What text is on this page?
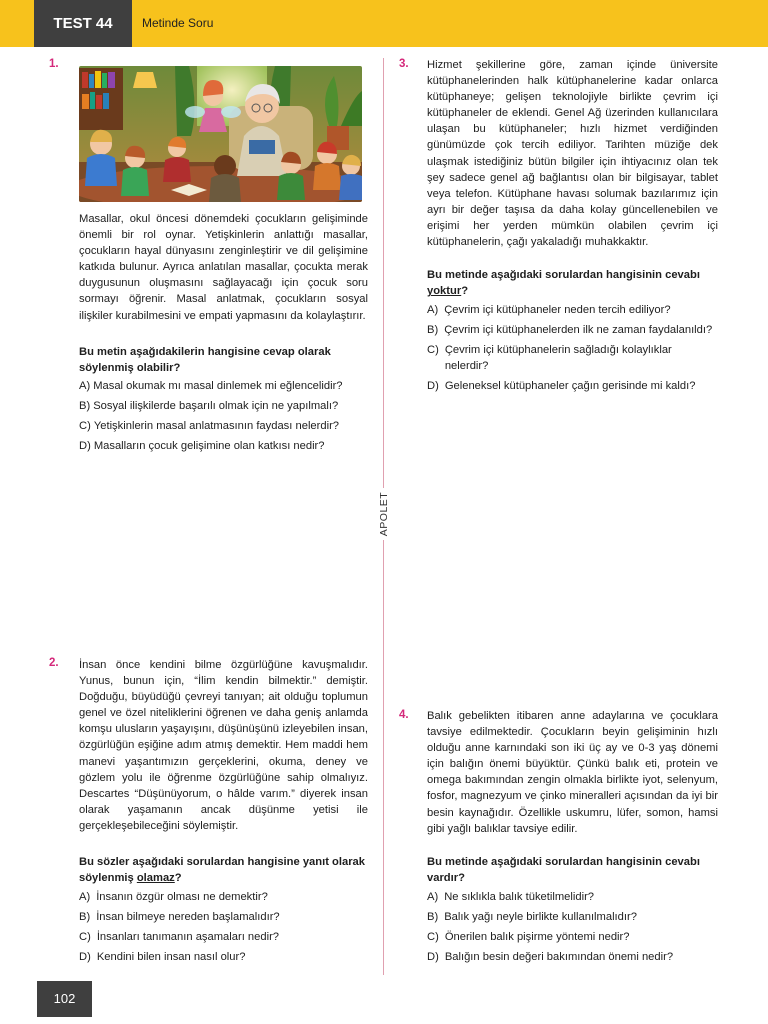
TEST 44	Metinde Soru
APOLET
1.
Masallar, okul öncesi dönemdeki çocukların gelişiminde önemli bir rol oynar. Yetişkinlerin anlattığı masallar, çocukların hayal dünyasını zenginleştirir ve dil gelişimine katkıda bulunur. Ayrıca anlatılan masallar, çocukta merak duygusunun oluşmasını sağlayacağı için çocuk soru sormayı öğrenir. Masal anlatmak, çocukların sosyal ilişkiler kurabilmesini ve empati yapmasını da kolaylaştırır.
Bu metin aşağıdakilerin hangisine cevap olarak söylenmiş olabilir?
A) Masal okumak mı masal dinlemek mi eğlencelidir?
B) Sosyal ilişkilerde başarılı olmak için ne yapılmalı?
C) Yetişkinlerin masal anlatmasının faydası nelerdir?
D) Masalların çocuk gelişimine olan katkısı nedir?
2. İnsan önce kendini bilme özgürlüğüne kavuşmalıdır. Yunus, bunun için, “İlim kendin bilmektir.” demiştir. Doğduğu, büyüdüğü çevreyi tanıyan; ait olduğu toplumun genel ve özel niteliklerini öğrenen ve daha geniş anlamda komşu ulusların yaşayışını, düşünüşünü izleyebilen insan, özgürlüğün eşiğine adım atmış demektir. Hem maddi hem manevi yaşantımızın gerçeklerini, okuma, deney ve gözlem yolu ile öğrenme özgürlüğüne sahip olmalıyız. Descartes “Düşünüyorum, o hâlde varım.” diyerek insan olarak yaşamanın ancak düşünme yetisi ile gerçekleşebileceğini söylemiştir.
Bu sözler aşağıdaki sorulardan hangisine yanıt olarak söylenmiş olamaz?
A) İnsanın özgür olması ne demektir?
B) İnsan bilmeye nereden başlamalıdır?
C) İnsanları tanımanın aşamaları nedir?
D) Kendini bilen insan nasıl olur?
3. Hizmet şekillerine göre, zaman içinde üniversite kütüphanelerinden halk kütüphanelerine kadar onlarca kütüphaneye; gelişen teknolojiyle birlikte çevrim içi kütüphaneler de eklendi. Genel Ağ üzerinden kullanıcılara ulaşan bu kütüphaneler; hızlı hizmet verdiğinden günümüzde çok tercih ediliyor. Tarihten müziğe dek ulaşmak istediğiniz bütün bilgiler için ihtiyacınız olan tek şey sadece genel ağ bağlantısı olan bir bilgisayar, tablet veya telefon. Kütüphane havası solumak bazılarımız için ayrı bir değer taşısa da daha kolay güncellenebilen ve erişimi her yerden mümkün olabilen çevrim içi kütüphanelerin, çağı yakaladığı muhakkaktır.
Bu metinde aşağıdaki sorulardan hangisinin cevabı yoktur?
A) Çevrim içi kütüphaneler neden tercih ediliyor?
B) Çevrim içi kütüphanelerden ilk ne zaman faydalanıldı?
C) Çevrim içi kütüphanelerin sağladığı kolaylıklar nelerdir?
D) Geleneksel kütüphaneler çağın gerisinde mi kaldı?
4. Balık gebelikten itibaren anne adaylarına ve çocuklara tavsiye edilmektedir. Çocukların beyin gelişiminin hızlı olduğu anne karnındaki son iki üç ay ve 0-3 yaş dönemi için balığın önemi büyüktür. Çünkü balık eti, protein ve omega bakımından zengin olmakla birlikte iyot, selenyum, fosfor, magnezyum ve çinko mineralleri açısından da iyi bir besin kaynağıdır. Özellikle uskumru, lüfer, somon, hamsi gibi yağlı balıklar tavsiye edilir.
Bu metinde aşağıdaki sorulardan hangisinin cevabı vardır?
A) Ne sıklıkla balık tüketilmelidir?
B) Balık yağı neyle birlikte kullanılmalıdır?
C) Önerilen balık pişirme yöntemi nedir?
D) Balığın besin değeri bakımından önemi nedir?
102
